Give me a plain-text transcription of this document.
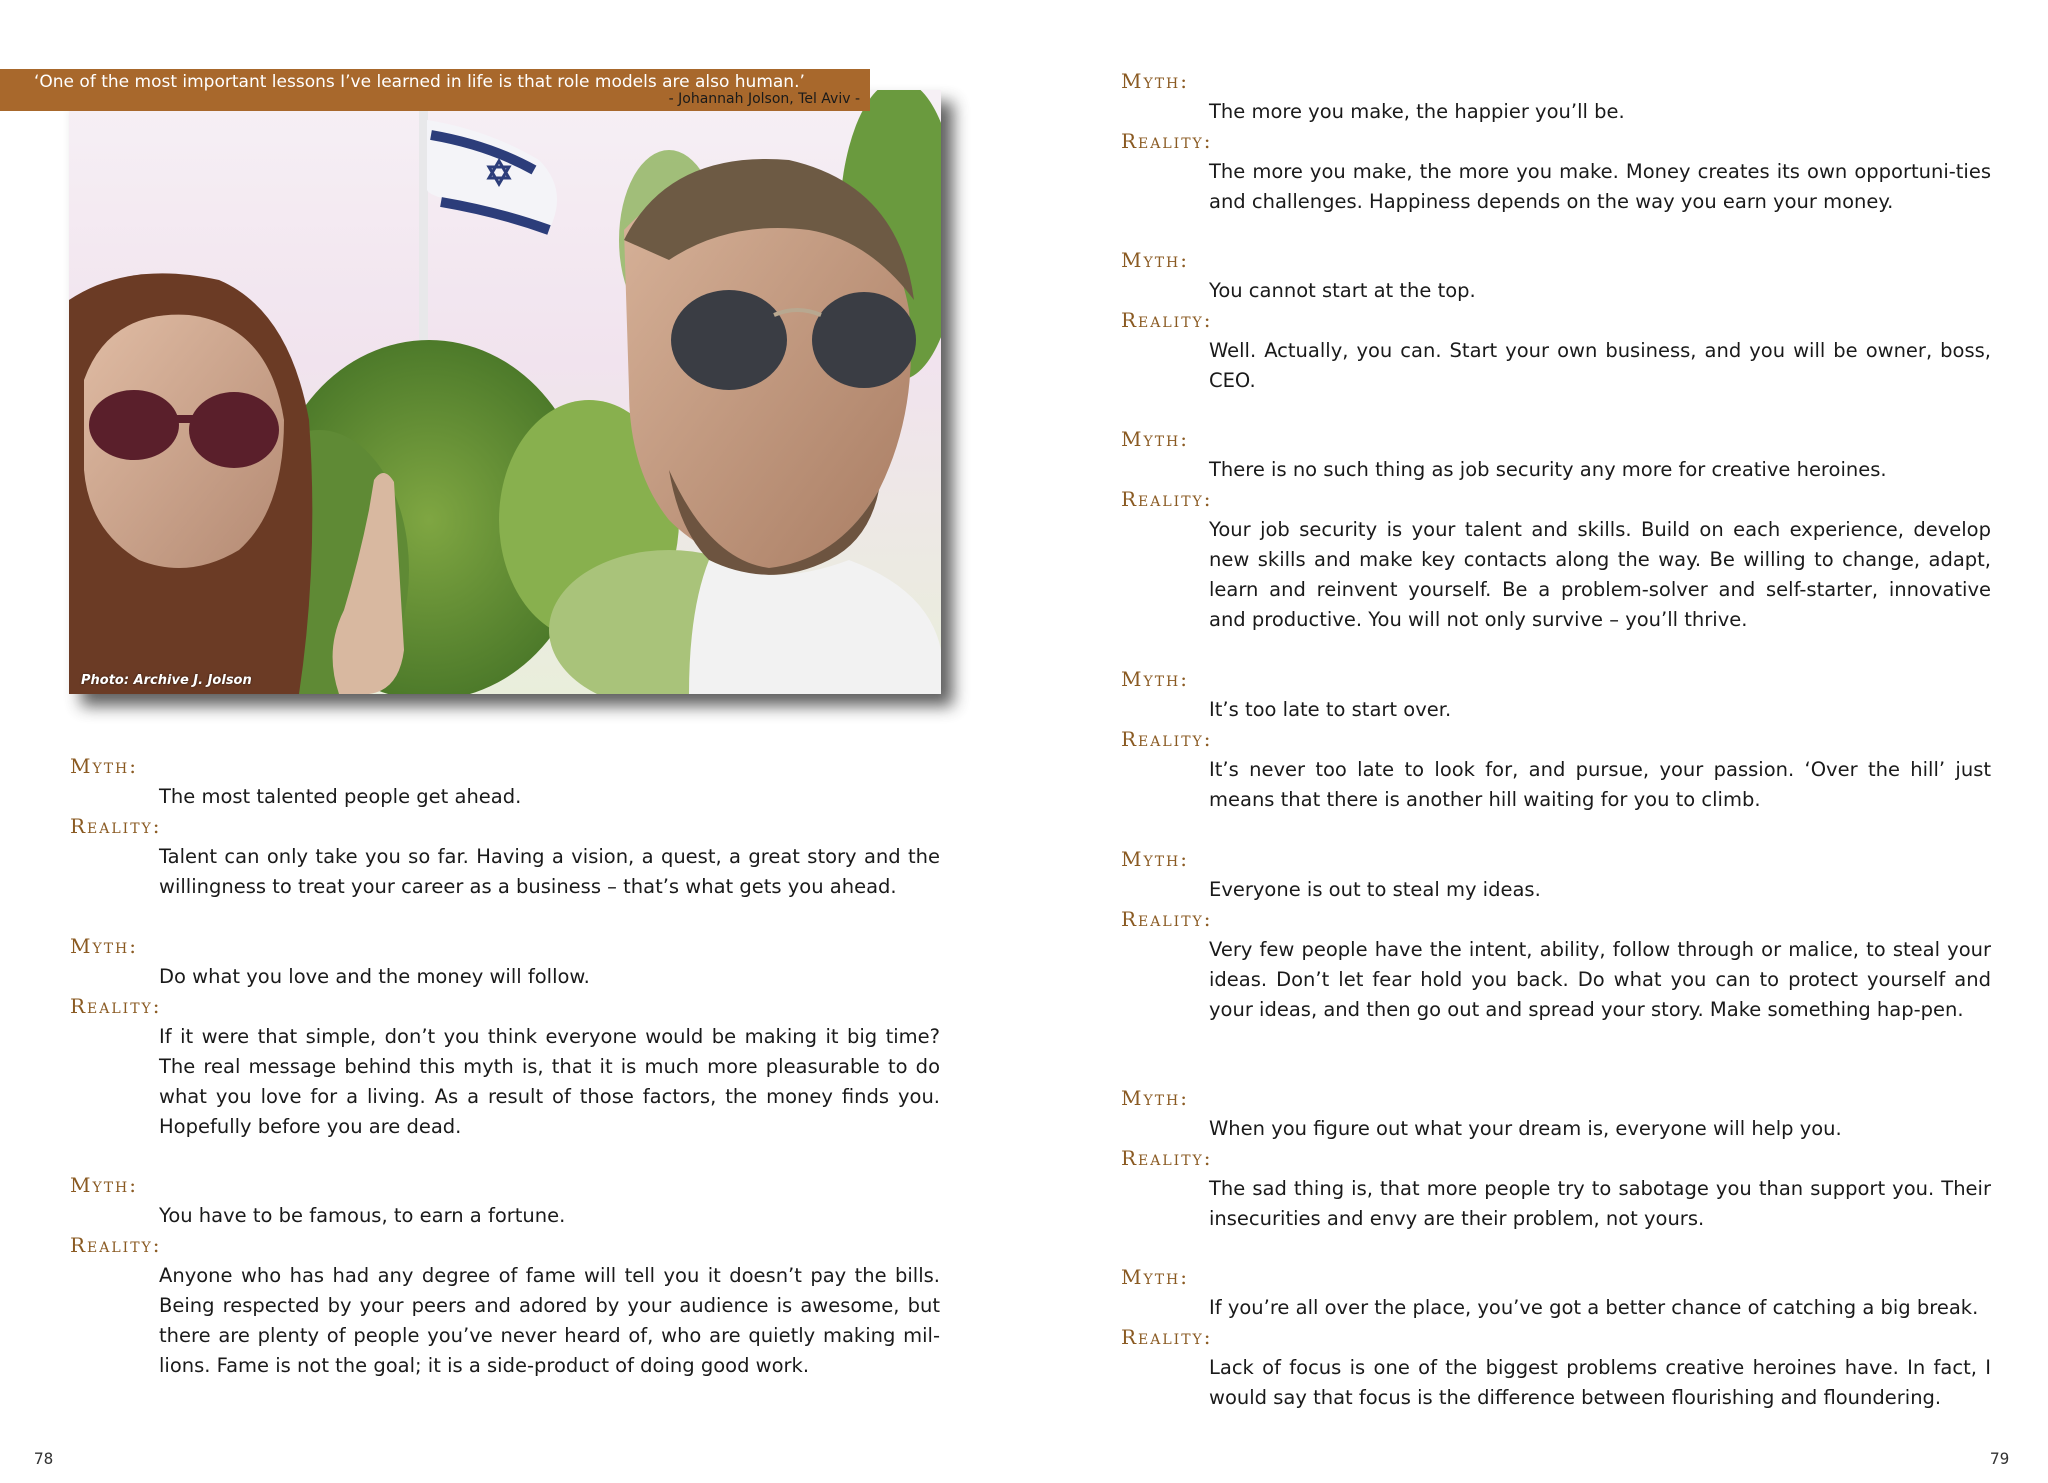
Photo: Archive J. Jolson
‘One of the most important lessons I’ve learned in life is that role models are also human.’
- Johannah Jolson, Tel Aviv -
Myth:
The most talented people get ahead.
Reality:
Talent can only take you so far. Having a vision, a quest, a great story and the willingness to treat your career as a business – that’s what gets you ahead.
Myth:
Do what you love and the money will follow.
Reality:
If it were that simple, don’t you think everyone would be making it big time? The real message behind this myth is, that it is much more pleasurable to do what you love for a living. As a result of those factors, the money finds you. Hopefully before you are dead.
Myth:
You have to be famous, to earn a fortune.
Reality:
Anyone who has had any degree of fame will tell you it doesn’t pay the bills. Being respected by your peers and adored by your audience is awesome, but there are plenty of people you’ve never heard of, who are quietly making mil-lions. Fame is not the goal; it is a side-product of doing good work.
78
Myth:
The more you make, the happier you’ll be.
Reality:
The more you make, the more you make. Money creates its own opportuni-ties and challenges. Happiness depends on the way you earn your money.
Myth:
You cannot start at the top.
Reality:
Well. Actually, you can. Start your own business, and you will be owner, boss, CEO.
Myth:
There is no such thing as job security any more for creative heroines.
Reality:
Your job security is your talent and skills. Build on each experience, develop new skills and make key contacts along the way. Be willing to change, adapt, learn and reinvent yourself. Be a problem-solver and self-starter, innovative and productive. You will not only survive – you’ll thrive.
Myth:
It’s too late to start over.
Reality:
It’s never too late to look for, and pursue, your passion. ‘Over the hill’ just means that there is another hill waiting for you to climb.
Myth:
Everyone is out to steal my ideas.
Reality:
Very few people have the intent, ability, follow through or malice, to steal your ideas. Don’t let fear hold you back. Do what you can to protect yourself and your ideas, and then go out and spread your story. Make something hap-pen.
Myth:
When you figure out what your dream is, everyone will help you.
Reality:
The sad thing is, that more people try to sabotage you than support you. Their insecurities and envy are their problem, not yours.
Myth:
If you’re all over the place, you’ve got a better chance of catching a big break.
Reality:
Lack of focus is one of the biggest problems creative heroines have. In fact, I would say that focus is the difference between flourishing and floundering.
79
